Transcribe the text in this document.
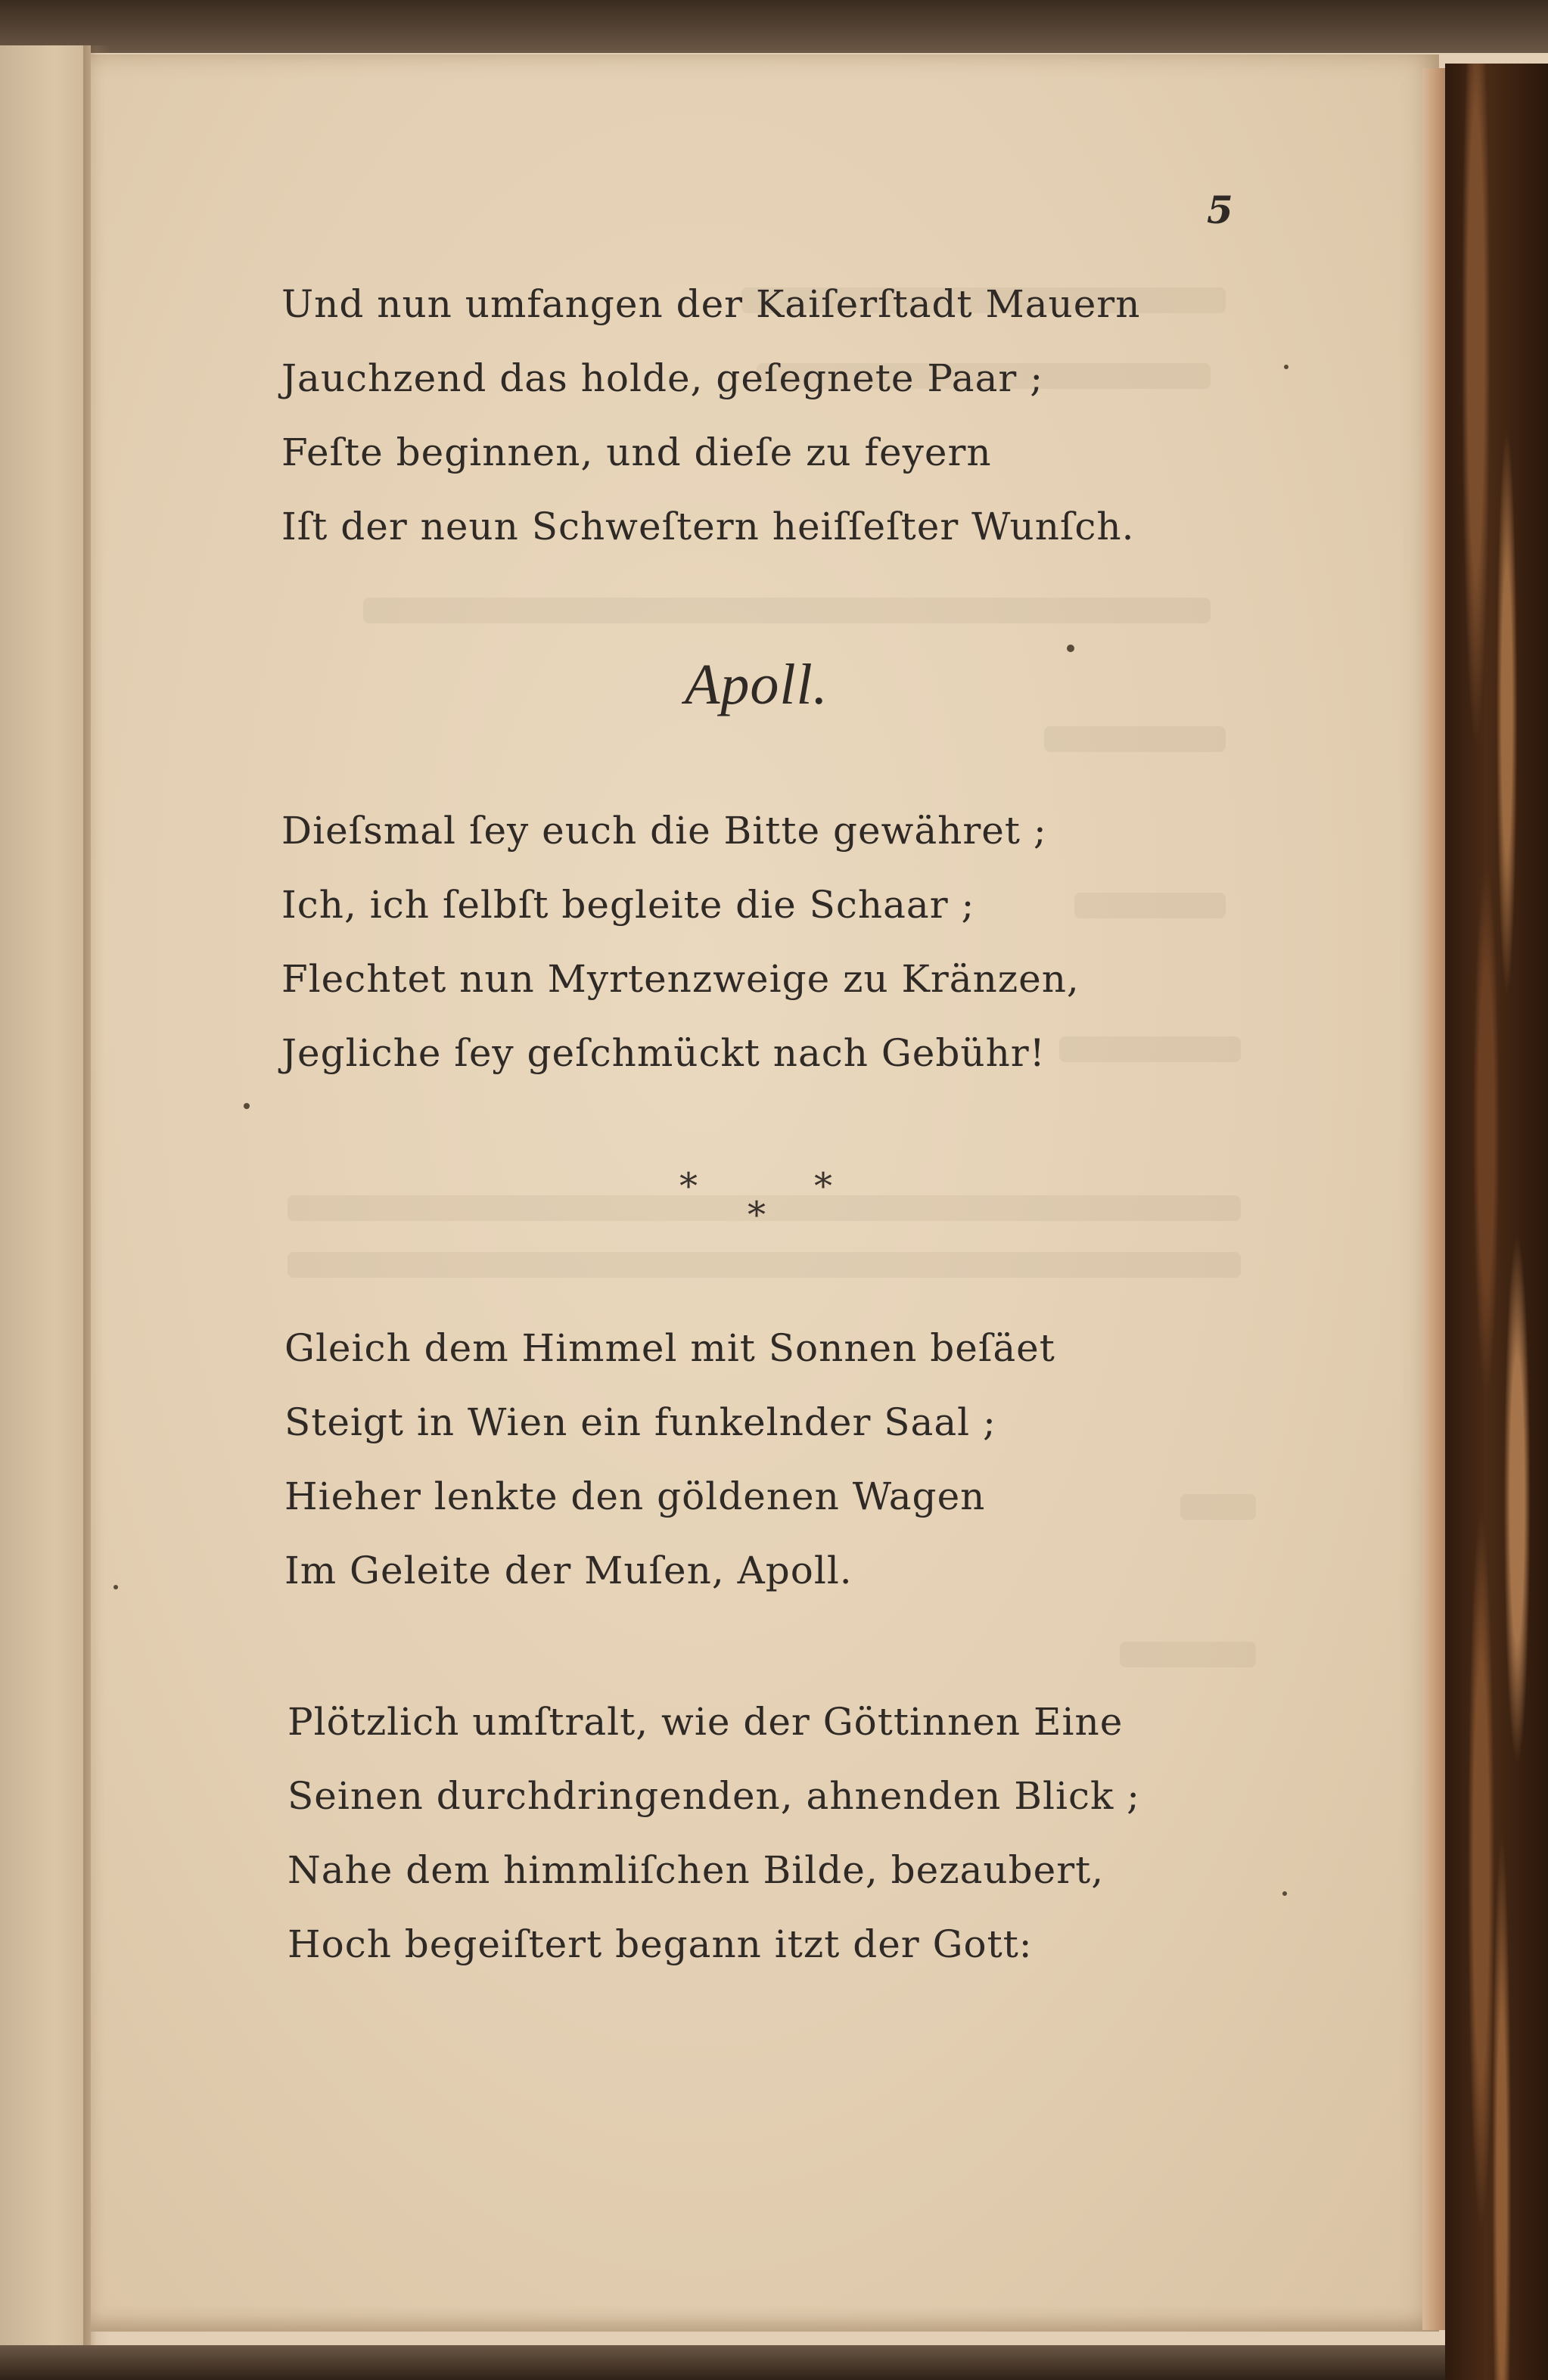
5
Und nun umfangen der Kaiſerſtadt Mauern
Jauchzend das holde, geſegnete Paar ;
Feſte beginnen, und dieſe zu feyern
Iſt der neun Schweſtern heiſſeſter Wunſch.
Apoll.
Dieſsmal ſey euch die Bitte gewähret ;
Ich, ich ſelbſt begleite die Schaar ;
Flechtet nun Myrtenzweige zu Kränzen,
Jegliche ſey geſchmückt nach Gebühr!
*	*
*
Gleich dem Himmel mit Sonnen beſäet
Steigt in Wien ein funkelnder Saal ;
Hieher lenkte den göldenen Wagen
Im Geleite der Muſen, Apoll.
Plötzlich umſtralt, wie der Göttinnen Eine
Seinen durchdringenden, ahnenden Blick ;
Nahe dem himmliſchen Bilde, bezaubert,
Hoch begeiſtert begann itzt der Gott:
